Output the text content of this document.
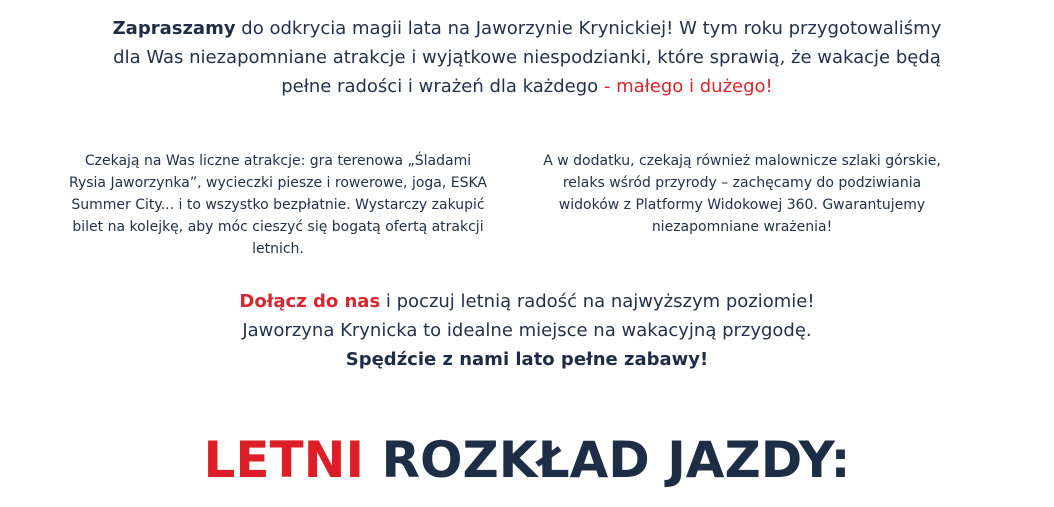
Zapraszamy do odkrycia magii lata na Jaworzynie Krynickiej! W tym roku przygotowaliśmy dla Was niezapomniane atrakcje i wyjątkowe niespodzianki, które sprawią, że wakacje będą pełne radości i wrażeń dla każdego - małego i dużego!
Czekają na Was liczne atrakcje: gra terenowa „Śladami Rysia Jaworzynka”, wycieczki piesze i rowerowe, joga, ESKA Summer City... i to wszystko bezpłatnie. Wystarczy zakupić bilet na kolejkę, aby móc cieszyć się bogatą ofertą atrakcji letnich.
A w dodatku, czekają również malownicze szlaki górskie, relaks wśród przyrody – zachęcamy do podziwiania widoków z Platformy Widokowej 360. Gwarantujemy niezapomniane wrażenia!
Dołącz do nas i poczuj letnią radość na najwyższym poziomie!
Jaworzyna Krynicka to idealne miejsce na wakacyjną przygodę.
Spędźcie z nami lato pełne zabawy!
LETNI ROZKŁAD JAZDY:
